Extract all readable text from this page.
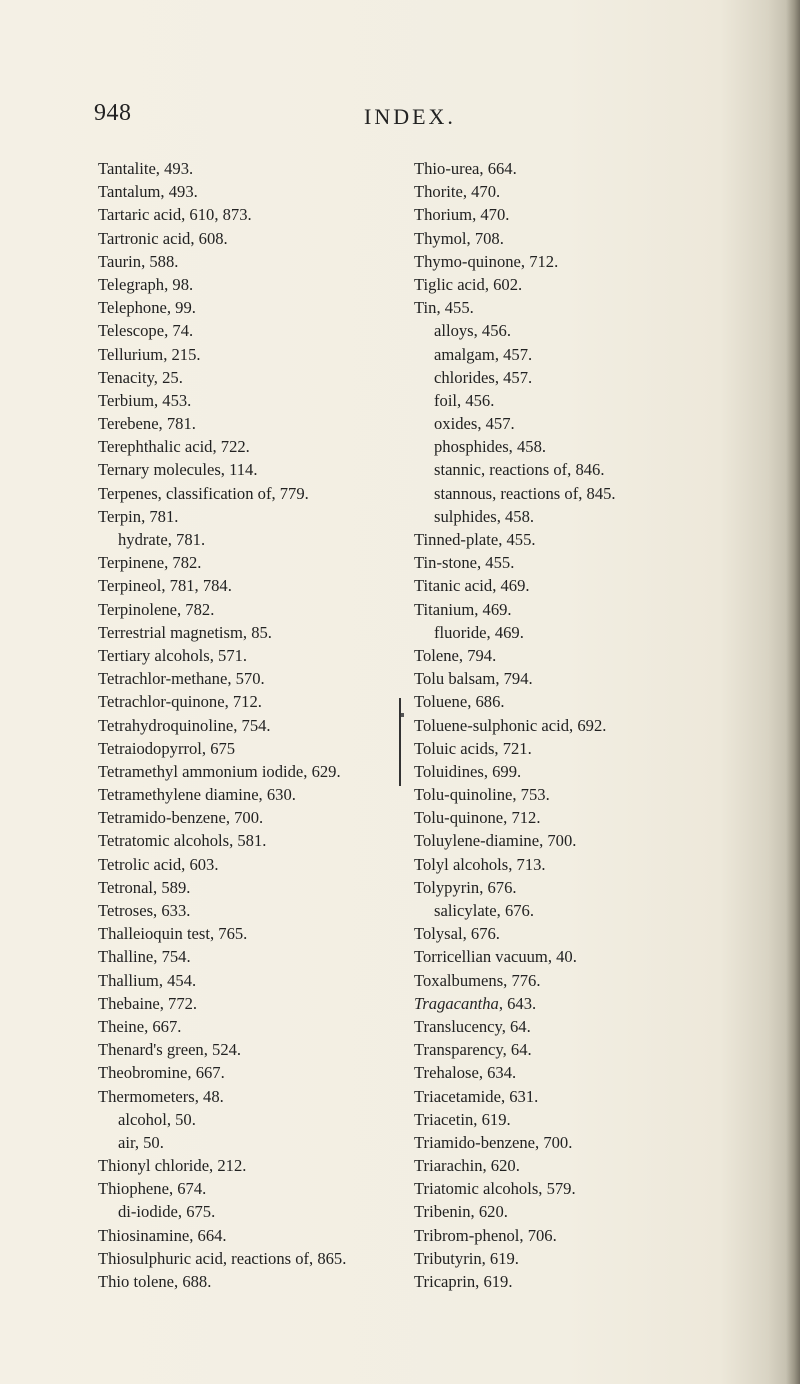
948	INDEX.
Tantalite, 493.
Tantalum, 493.
Tartaric acid, 610, 873.
Tartronic acid, 608.
Taurin, 588.
Telegraph, 98.
Telephone, 99.
Telescope, 74.
Tellurium, 215.
Tenacity, 25.
Terbium, 453.
Terebene, 781.
Terephthalic acid, 722.
Ternary molecules, 114.
Terpenes, classification of, 779.
Terpin, 781.
hydrate, 781.
Terpinene, 782.
Terpineol, 781, 784.
Terpinolene, 782.
Terrestrial magnetism, 85.
Tertiary alcohols, 571.
Tetrachlor-methane, 570.
Tetrachlor-quinone, 712.
Tetrahydroquinoline, 754.
Tetraiodopyrrol, 675
Tetramethyl ammonium iodide, 629.
Tetramethylene diamine, 630.
Tetramido-benzene, 700.
Tetratomic alcohols, 581.
Tetrolic acid, 603.
Tetronal, 589.
Tetroses, 633.
Thalleioquin test, 765.
Thalline, 754.
Thallium, 454.
Thebaine, 772.
Theine, 667.
Thenard's green, 524.
Theobromine, 667.
Thermometers, 48.
alcohol, 50.
air, 50.
Thionyl chloride, 212.
Thiophene, 674.
di-iodide, 675.
Thiosinamine, 664.
Thiosulphuric acid, reactions of, 865.
Thio tolene, 688.
Thio-urea, 664.
Thorite, 470.
Thorium, 470.
Thymol, 708.
Thymo-quinone, 712.
Tiglic acid, 602.
Tin, 455.
alloys, 456.
amalgam, 457.
chlorides, 457.
foil, 456.
oxides, 457.
phosphides, 458.
stannic, reactions of, 846.
stannous, reactions of, 845.
sulphides, 458.
Tinned-plate, 455.
Tin-stone, 455.
Titanic acid, 469.
Titanium, 469.
fluoride, 469.
Tolene, 794.
Tolu balsam, 794.
Toluene, 686.
Toluene-sulphonic acid, 692.
Toluic acids, 721.
Toluidines, 699.
Tolu-quinoline, 753.
Tolu-quinone, 712.
Toluylene-diamine, 700.
Tolyl alcohols, 713.
Tolypyrin, 676.
salicylate, 676.
Tolysal, 676.
Torricellian vacuum, 40.
Toxalbumens, 776.
Tragacantha, 643.
Translucency, 64.
Transparency, 64.
Trehalose, 634.
Triacetamide, 631.
Triacetin, 619.
Triamido-benzene, 700.
Triarachin, 620.
Triatomic alcohols, 579.
Tribenin, 620.
Tribrom-phenol, 706.
Tributyrin, 619.
Tricaprin, 619.
